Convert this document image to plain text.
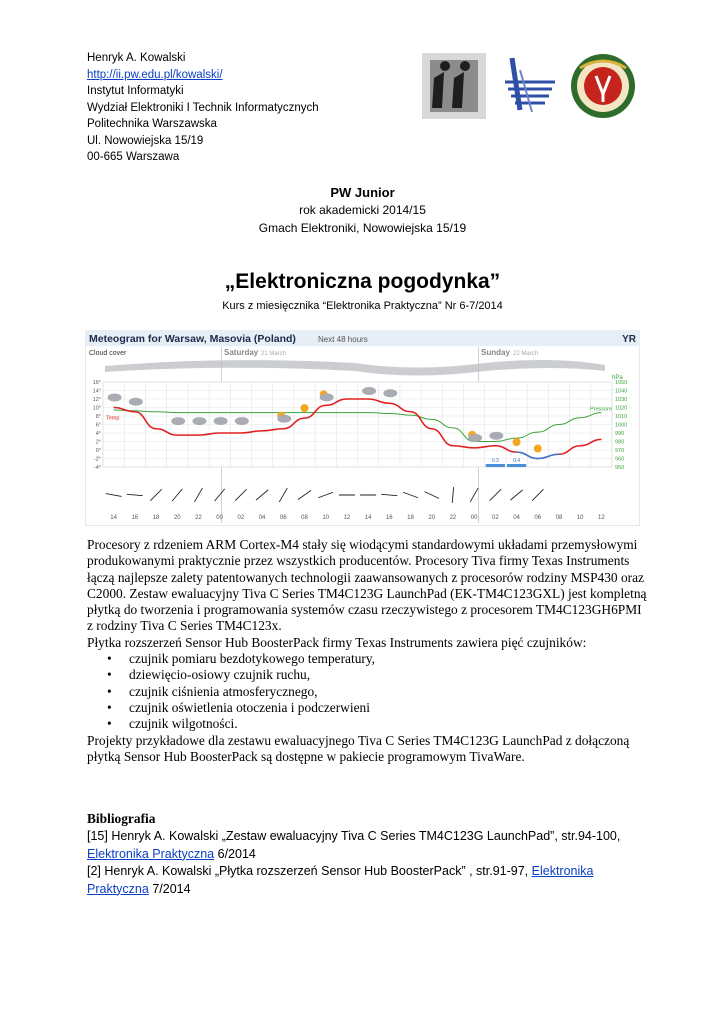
Henryk A. Kowalski
http://ii.pw.edu.pl/kowalski/
Instytut Informatyki
Wydział Elektroniki I Technik Informatycznych
Politechnika Warszawska
Ul. Nowowiejska 15/19
00-665 Warszawa
PW Junior
rok akademicki 2014/15
Gmach Elektroniki, Nowowiejska 15/19
„Elektroniczna pogodynka”
Kurs z miesięcznika “Elektronika Praktyczna” Nr 6-7/2014
Meteogram for Warsaw, Masovia (Poland)	Next 48 hours	YR
Cloud cover	Saturday 21 March	Sunday 22 March
16°
14°
12°
10°
8°
6°
4°
2°
0°
-2°
-4°
1050
1040
1030
1020
1010
1000
990
980
970
960
950
14 16 18 20 22 00 02 04 06 08 10 12 14 16 18 20 22 00 02 04 06 08 10 12
Temp
Pressure
0.3	0.4
hPa

Procesory z rdzeniem ARM Cortex-M4 stały się wiodącymi standardowymi układami przemysłowymi produkowanymi praktycznie przez wszystkich producentów. Procesory Tiva firmy Texas Instruments łączą najlepsze zalety patentowanych technologii zaawansowanych z procesorów rodziny MSP430 oraz C2000. Zestaw ewaluacyjny Tiva C Series TM4C123G LaunchPad (EK-TM4C123GXL) jest kompletną płytką do tworzenia i programowania systemów czasu rzeczywistego z procesorem TM4C123GH6PMI z rodziny Tiva C Series TM4C123x.

Płytka rozszerzeń Sensor Hub BoosterPack firmy Texas Instruments zawiera pięć czujników:

• czujnik pomiaru bezdotykowego temperatury,
• dziewięcio-osiowy czujnik ruchu,
• czujnik ciśnienia atmosferycznego,
• czujnik oświetlenia otoczenia i podczerwieni
• czujnik wilgotności.

Projekty przykładowe dla zestawu ewaluacyjnego Tiva C Series TM4C123G LaunchPad z dołączoną płytką Sensor Hub BoosterPack są dostępne w pakiecie programowym TivaWare.

Bibliografia
[15] Henryk A. Kowalski „Zestaw ewaluacyjny Tiva C Series TM4C123G LaunchPad”, str.94-100, Elektronika Praktyczna 6/2014
[2] Henryk A. Kowalski „Płytka rozszerzeń Sensor Hub BoosterPack” , str.91-97, Elektronika Praktyczna 7/2014
